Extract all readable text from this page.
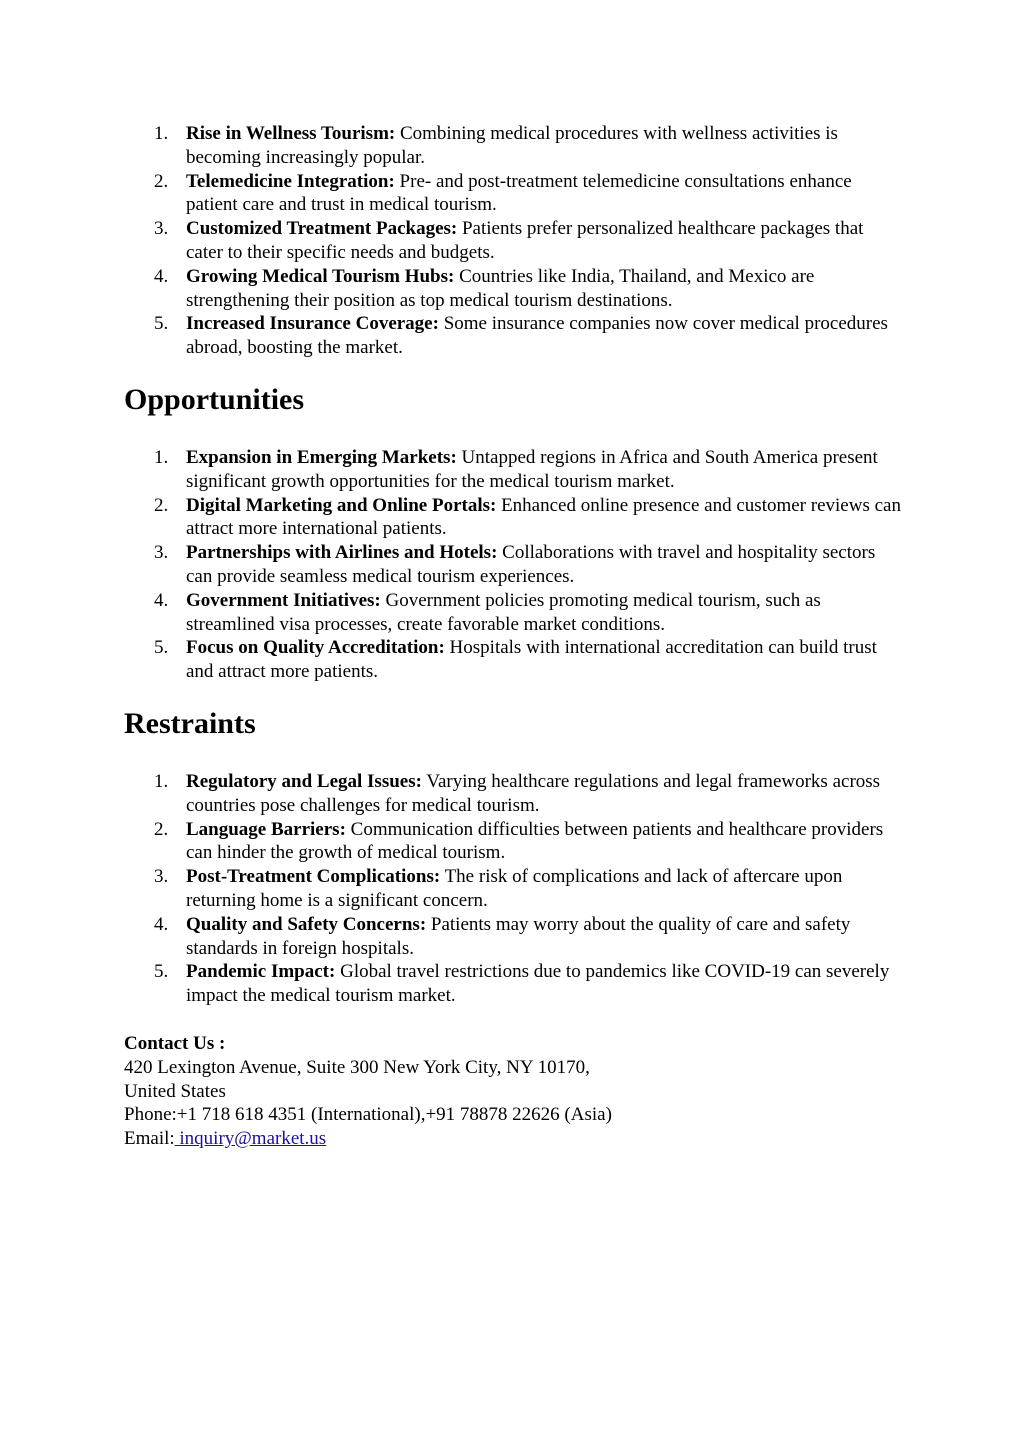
1. Rise in Wellness Tourism: Combining medical procedures with wellness activities is becoming increasingly popular.
2. Telemedicine Integration: Pre- and post-treatment telemedicine consultations enhance patient care and trust in medical tourism.
3. Customized Treatment Packages: Patients prefer personalized healthcare packages that cater to their specific needs and budgets.
4. Growing Medical Tourism Hubs: Countries like India, Thailand, and Mexico are strengthening their position as top medical tourism destinations.
5. Increased Insurance Coverage: Some insurance companies now cover medical procedures abroad, boosting the market.
Opportunities
1. Expansion in Emerging Markets: Untapped regions in Africa and South America present significant growth opportunities for the medical tourism market.
2. Digital Marketing and Online Portals: Enhanced online presence and customer reviews can attract more international patients.
3. Partnerships with Airlines and Hotels: Collaborations with travel and hospitality sectors can provide seamless medical tourism experiences.
4. Government Initiatives: Government policies promoting medical tourism, such as streamlined visa processes, create favorable market conditions.
5. Focus on Quality Accreditation: Hospitals with international accreditation can build trust and attract more patients.
Restraints
1. Regulatory and Legal Issues: Varying healthcare regulations and legal frameworks across countries pose challenges for medical tourism.
2. Language Barriers: Communication difficulties between patients and healthcare providers can hinder the growth of medical tourism.
3. Post-Treatment Complications: The risk of complications and lack of aftercare upon returning home is a significant concern.
4. Quality and Safety Concerns: Patients may worry about the quality of care and safety standards in foreign hospitals.
5. Pandemic Impact: Global travel restrictions due to pandemics like COVID-19 can severely impact the medical tourism market.
Contact Us :
420 Lexington Avenue, Suite 300 New York City, NY 10170,
United States
Phone:+1 718 618 4351 (International),+91 78878 22626 (Asia)
Email: inquiry@market.us
